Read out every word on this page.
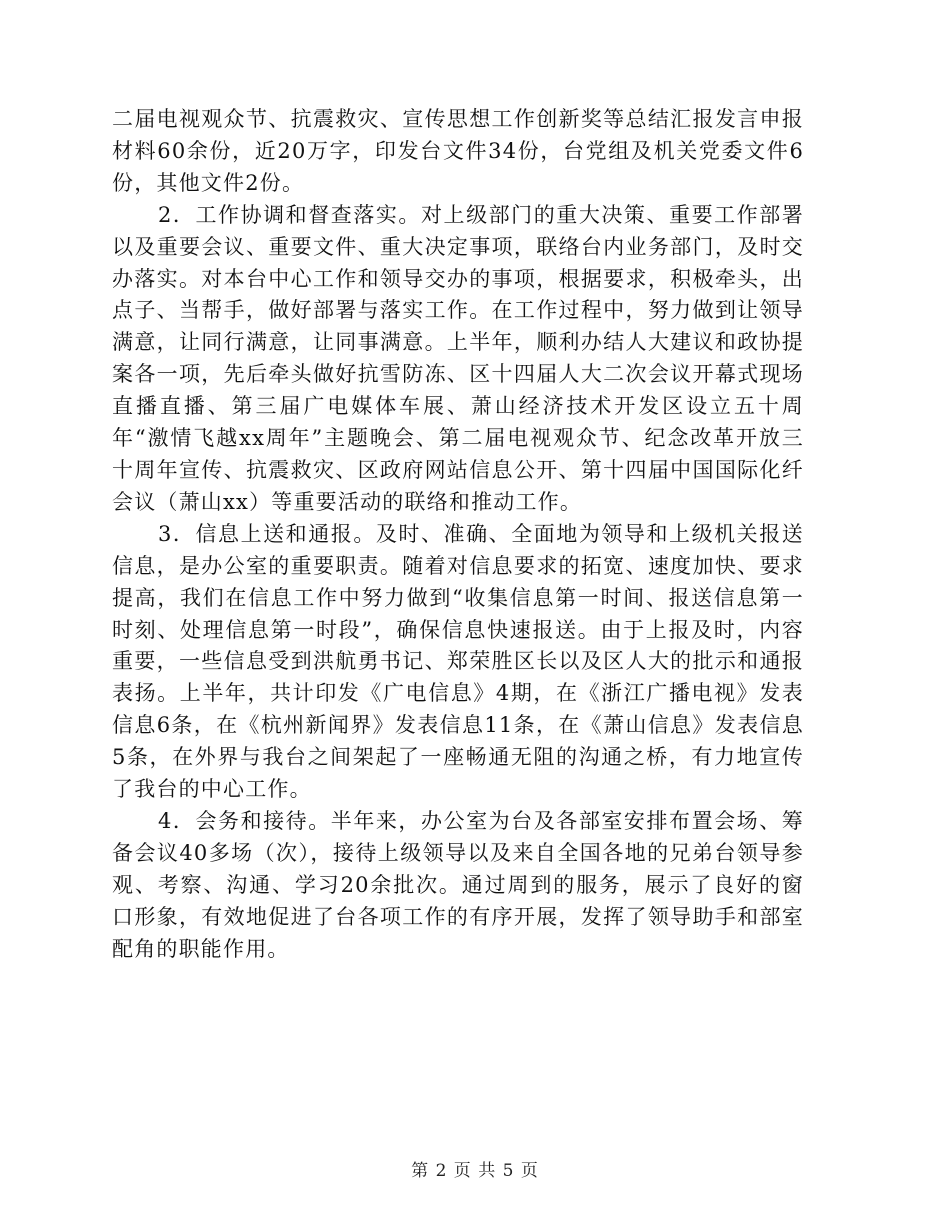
二届电视观众节、抗震救灾、宣传思想工作创新奖等总结汇报发言申报材料60余份，近20万字，印发台文件34份，台党组及机关党委文件6份，其他文件2份。

2．工作协调和督查落实。对上级部门的重大决策、重要工作部署以及重要会议、重要文件、重大决定事项，联络台内业务部门，及时交办落实。对本台中心工作和领导交办的事项，根据要求，积极牵头，出点子、当帮手，做好部署与落实工作。在工作过程中，努力做到让领导满意，让同行满意，让同事满意。上半年，顺利办结人大建议和政协提案各一项，先后牵头做好抗雪防冻、区十四届人大二次会议开幕式现场直播直播、第三届广电媒体车展、萧山经济技术开发区设立五十周年“激情飞越xx周年”主题晚会、第二届电视观众节、纪念改革开放三十周年宣传、抗震救灾、区政府网站信息公开、第十四届中国国际化纤会议（萧山xx）等重要活动的联络和推动工作。

3．信息上送和通报。及时、准确、全面地为领导和上级机关报送信息，是办公室的重要职责。随着对信息要求的拓宽、速度加快、要求提高，我们在信息工作中努力做到“收集信息第一时间、报送信息第一时刻、处理信息第一时段”，确保信息快速报送。由于上报及时，内容重要，一些信息受到洪航勇书记、郑荣胜区长以及区人大的批示和通报表扬。上半年，共计印发《广电信息》4期，在《浙江广播电视》发表信息6条，在《杭州新闻界》发表信息11条，在《萧山信息》发表信息5条，在外界与我台之间架起了一座畅通无阻的沟通之桥，有力地宣传了我台的中心工作。

4．会务和接待。半年来，办公室为台及各部室安排布置会场、筹备会议40多场（次），接待上级领导以及来自全国各地的兄弟台领导参观、考察、沟通、学习20余批次。通过周到的服务，展示了良好的窗口形象，有效地促进了台各项工作的有序开展，发挥了领导助手和部室配角的职能作用。

第 2 页 共 5 页
